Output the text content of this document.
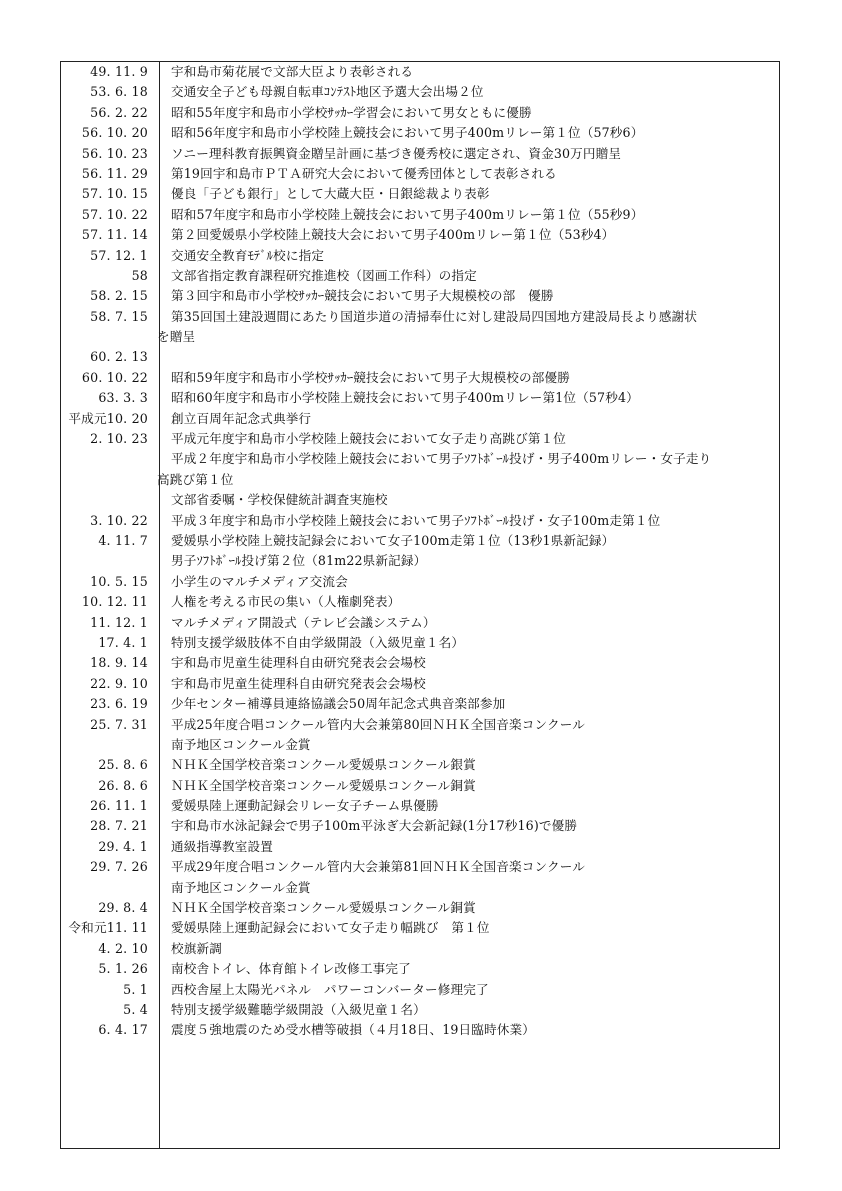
49. 11. 9	宇和島市菊花展で文部大臣より表彰される
53. 6. 18	交通安全子ども母親自転車ｺﾝﾃｽﾄ地区予選大会出場２位
56. 2. 22	昭和55年度宇和島市小学校ｻｯｶｰ学習会において男女ともに優勝
56. 10. 20	昭和56年度宇和島市小学校陸上競技会において男子400mリレー第１位（57秒6）
56. 10. 23	ソニー理科教育振興資金贈呈計画に基づき優秀校に選定され、資金30万円贈呈
56. 11. 29	第19回宇和島市ＰＴＡ研究大会において優秀団体として表彰される
57. 10. 15	優良「子ども銀行」として大蔵大臣・日銀総裁より表彰
57. 10. 22	昭和57年度宇和島市小学校陸上競技会において男子400mリレー第１位（55秒9）
57. 11. 14	第２回愛媛県小学校陸上競技大会において男子400mリレー第１位（53秒4）
57. 12. 1	交通安全教育ﾓﾃﾞﾙ校に指定
58	文部省指定教育課程研究推進校（図画工作科）の指定
58. 2. 15	第３回宇和島市小学校ｻｯｶｰ競技会において男子大規模校の部　優勝
58. 7. 15	第35回国土建設週間にあたり国道歩道の清掃奉仕に対し建設局四国地方建設局長より感謝状
を贈呈
60. 2. 13
60. 10. 22	昭和59年度宇和島市小学校ｻｯｶｰ競技会において男子大規模校の部優勝
63. 3. 3	昭和60年度宇和島市小学校陸上競技会において男子400mリレー第1位（57秒4）
平成元10. 20	創立百周年記念式典挙行
2. 10. 23	平成元年度宇和島市小学校陸上競技会において女子走り高跳び第１位
平成２年度宇和島市小学校陸上競技会において男子ｿﾌﾄﾎﾞｰﾙ投げ・男子400mリレー・女子走り
高跳び第１位
文部省委嘱・学校保健統計調査実施校
3. 10. 22	平成３年度宇和島市小学校陸上競技会において男子ｿﾌﾄﾎﾞｰﾙ投げ・女子100m走第１位
4. 11. 7	愛媛県小学校陸上競技記録会において女子100m走第１位（13秒1県新記録）
男子ｿﾌﾄﾎﾞｰﾙ投げ第２位（81m22県新記録）
10. 5. 15	小学生のマルチメディア交流会
10. 12. 11	人権を考える市民の集い（人権劇発表）
11. 12. 1	マルチメディア開設式（テレビ会議システム）
17. 4. 1	特別支援学級肢体不自由学級開設（入級児童１名）
18. 9. 14	宇和島市児童生徒理科自由研究発表会会場校
22. 9. 10	宇和島市児童生徒理科自由研究発表会会場校
23. 6. 19	少年センター補導員連絡協議会50周年記念式典音楽部参加
25. 7. 31	平成25年度合唱コンクール管内大会兼第80回ＮＨＫ全国音楽コンクール
南予地区コンクール金賞
25. 8. 6	ＮＨＫ全国学校音楽コンクール愛媛県コンクール銀賞
26. 8. 6	ＮＨＫ全国学校音楽コンクール愛媛県コンクール銅賞
26. 11. 1	愛媛県陸上運動記録会リレー女子チーム県優勝
28. 7. 21	宇和島市水泳記録会で男子100m平泳ぎ大会新記録(1分17秒16)で優勝
29. 4. 1	通級指導教室設置
29. 7. 26	平成29年度合唱コンクール管内大会兼第81回ＮＨＫ全国音楽コンクール
南予地区コンクール金賞
29. 8. 4	ＮＨＫ全国学校音楽コンクール愛媛県コンクール銅賞
令和元11. 11	愛媛県陸上運動記録会において女子走り幅跳び　第１位
4. 2. 10	校旗新調
5. 1. 26	南校舎トイレ、体育館トイレ改修工事完了
5. 1	西校舎屋上太陽光パネル　パワーコンバーター修理完了
5. 4	特別支援学級難聴学級開設（入級児童１名）
6. 4. 17	震度５強地震のため受水槽等破損（４月18日、19日臨時休業）
